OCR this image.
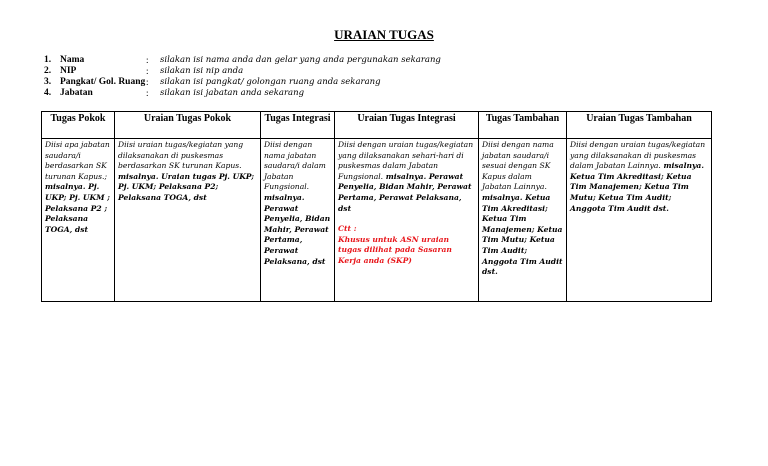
URAIAN TUGAS
1. Nama	:	silakan isi nama anda dan gelar yang anda pergunakan sekarang
2. NIP	:	silakan isi nip anda
3. Pangkat/ Gol. Ruang :	silakan isi pangkat/ golongan ruang anda sekarang
4. Jabatan	:	silakan isi jabatan anda sekarang
Tugas Pokok	Uraian Tugas Pokok	Tugas Integrasi	Uraian Tugas Integrasi	Tugas Tambahan	Uraian Tugas Tambahan
Diisi apa jabatan saudara/i berdasarkan SK turunan Kapus.; misalnya. Pj. UKP; Pj. UKM ; Pelaksana P2 ; Pelaksana TOGA, dst	Diisi uraian tugas/kegiatan yang dilaksanakan di puskesmas berdasarkan SK turunan Kapus. misalnya. Uraian tugas Pj. UKP; Pj. UKM; Pelaksana P2; Pelaksana TOGA, dst	Diisi dengan nama jabatan saudara/i dalam Jabatan Fungsional. misalnya. Perawat Penyelia, Bidan Mahir, Perawat Pertama, Perawat Pelaksana, dst	Diisi dengan uraian tugas/kegiatan yang dilaksanakan sehari-hari di puskesmas dalam Jabatan Fungsional. misalnya. Perawat Penyelia, Bidan Mahir, Perawat Pertama, Perawat Pelaksana, dst
Ctt :
Khusus untuk ASN uraian tugas dilihat pada Sasaran Kerja anda (SKP)	Diisi dengan nama jabatan saudara/i sesuai dengan SK Kapus dalam Jabatan Lainnya. misalnya. Ketua Tim Akreditasi; Ketua Tim Manajemen; Ketua Tim Mutu; Ketua Tim Audit; Anggota Tim Audit dst.	Diisi dengan uraian tugas/kegiatan yang dilaksanakan di puskesmas dalam Jabatan Lainnya. misalnya. Ketua Tim Akreditasi; Ketua Tim Manajemen; Ketua Tim Mutu; Ketua Tim Audit; Anggota Tim Audit dst.
